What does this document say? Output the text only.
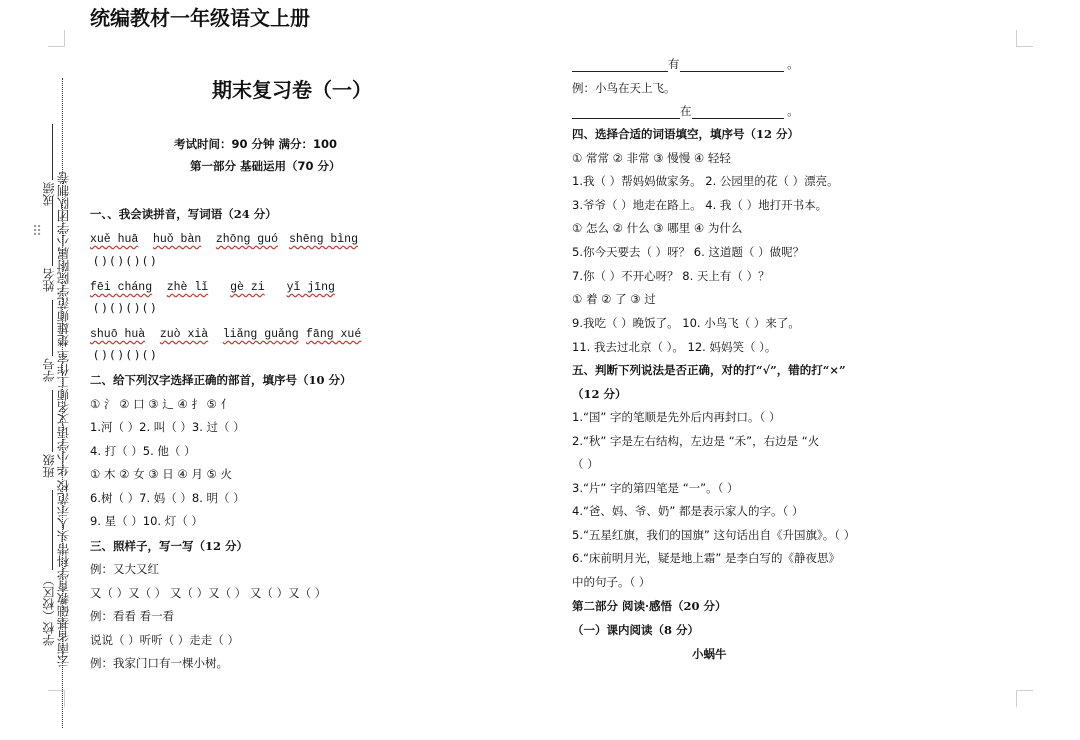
⠿
成绩
姓名
学号
班级
学校（校区） 云南省基础教育学科带头人示范校 华小学语文名师工作室 楚雄师范学院附属小学团队制卷
统编教材一年级语文上册
期末复习卷（一）
考试时间：90 分钟 满分：100
第一部分 基础运用（70 分）
一、、我会读拼音，写词语（24 分）
xuě huā huǒ bàn zhōng guó shēng bìng
( ) ( ) ( ) ( )
fēi cháng zhè lǐ gè zi yǐ jīng
( ) ( ) ( ) ( )
shuō huà zuò xià liǎng guǎng fāng xué
( ) ( ) ( ) ( )
二、给下列汉字选择正确的部首，填序号（10 分）
① 氵 ② 口 ③ 辶 ④ 扌 ⑤ 亻
1.河（ ）2. 叫（ ）3. 过（ ）
4. 打（ ）5. 他（ ）
① 木 ② 女 ③ 日 ④ 月 ⑤ 火
6.树（ ）7. 妈（ ）8. 明（ ）
9. 星（ ）10. 灯（ ）
三、照样子，写一写（12 分）
例：又大又红
又（ ）又（ ） 又（ ）又（ ） 又（ ）又（ ）
例：看看 看一看
说说（ ）听听（ ）走走（ ）
例：我家门口有一棵小树。
有	。
例：小鸟在天上飞。
在	。
四、选择合适的词语填空，填序号（12 分）
① 常常 ② 非常 ③ 慢慢 ④ 轻轻
1.我（ ）帮妈妈做家务。 2. 公园里的花（ ）漂亮。
3.爷爷（ ）地走在路上。 4. 我（ ）地打开书本。
① 怎么 ② 什么 ③ 哪里 ④ 为什么
5.你今天要去（ ）呀？ 6. 这道题（ ）做呢？
7.你（ ）不开心呀？ 8. 天上有（ ）？
① 着 ② 了 ③ 过
9.我吃（ ）晚饭了。 10. 小鸟飞（ ）来了。
11. 我去过北京（ ）。 12. 妈妈笑（ ）。
五、判断下列说法是否正确，对的打“√”，错的打“×”
（12 分）
1.“国” 字的笔顺是先外后内再封口。（ ）
2.“秋” 字是左右结构，左边是 “禾”，右边是 “火
（ ）
3.“片” 字的第四笔是 “一”。（ ）
4.“爸、妈、爷、奶” 都是表示家人的字。（ ）
5.“五星红旗，我们的国旗” 这句话出自《升国旗》。（ ）
6.“床前明月光，疑是地上霜” 是李白写的《静夜思》
中的句子。（ ）
第二部分 阅读·感悟（20 分）
（一）课内阅读（8 分）
小蜗牛
